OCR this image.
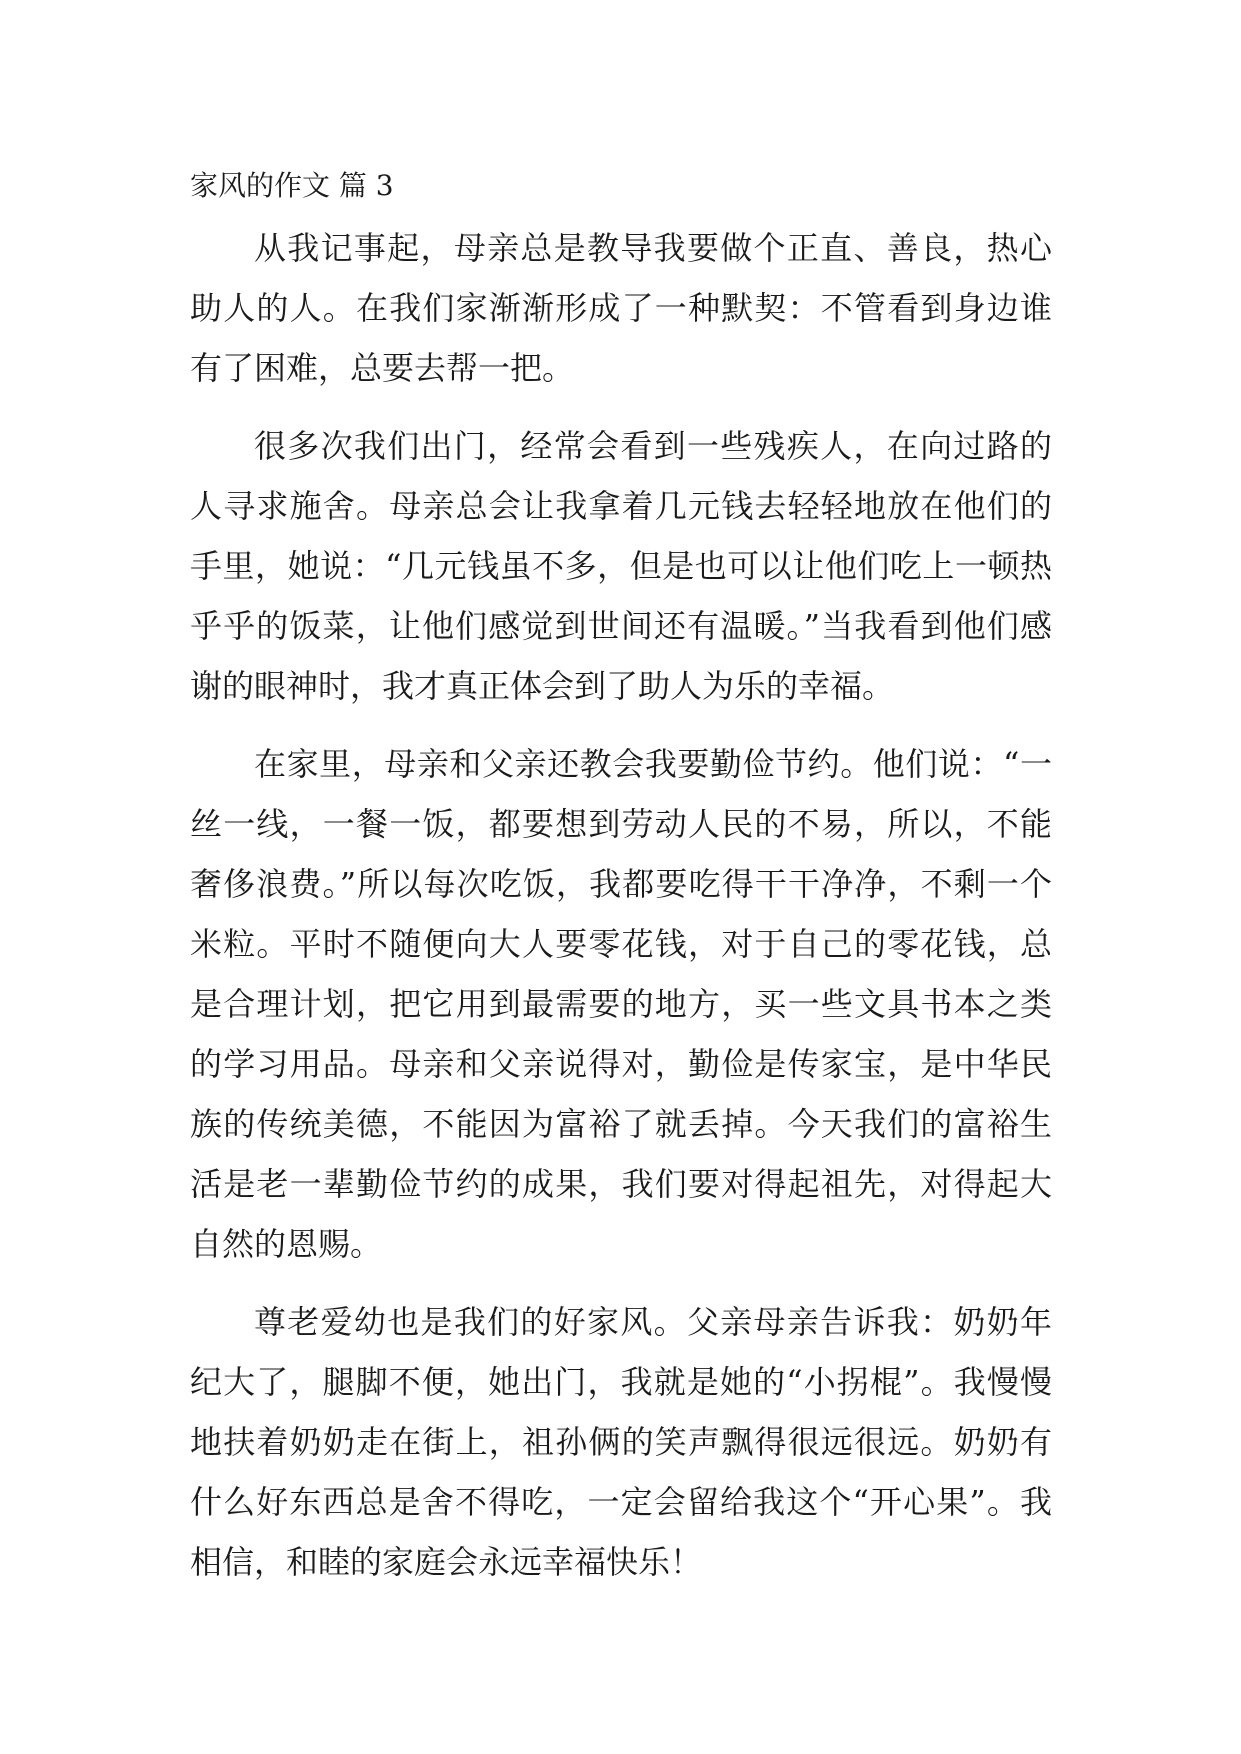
家风的作文 篇 3

从我记事起，母亲总是教导我要做个正直、善良，热心助人的人。在我们家渐渐形成了一种默契：不管看到身边谁有了困难，总要去帮一把。

很多次我们出门，经常会看到一些残疾人，在向过路的人寻求施舍。母亲总会让我拿着几元钱去轻轻地放在他们的手里，她说：“几元钱虽不多，但是也可以让他们吃上一顿热乎乎的饭菜，让他们感觉到世间还有温暖。”当我看到他们感谢的眼神时，我才真正体会到了助人为乐的幸福。

在家里，母亲和父亲还教会我要勤俭节约。他们说：“一丝一线，一餐一饭，都要想到劳动人民的不易，所以，不能奢侈浪费。”所以每次吃饭，我都要吃得干干净净，不剩一个米粒。平时不随便向大人要零花钱，对于自己的零花钱，总是合理计划，把它用到最需要的地方，买一些文具书本之类的学习用品。母亲和父亲说得对，勤俭是传家宝，是中华民族的传统美德，不能因为富裕了就丢掉。今天我们的富裕生活是老一辈勤俭节约的成果，我们要对得起祖先，对得起大自然的恩赐。

尊老爱幼也是我们的好家风。父亲母亲告诉我：奶奶年纪大了，腿脚不便，她出门，我就是她的“小拐棍”。我慢慢地扶着奶奶走在街上，祖孙俩的笑声飘得很远很远。奶奶有什么好东西总是舍不得吃，一定会留给我这个“开心果”。我相信，和睦的家庭会永远幸福快乐！
